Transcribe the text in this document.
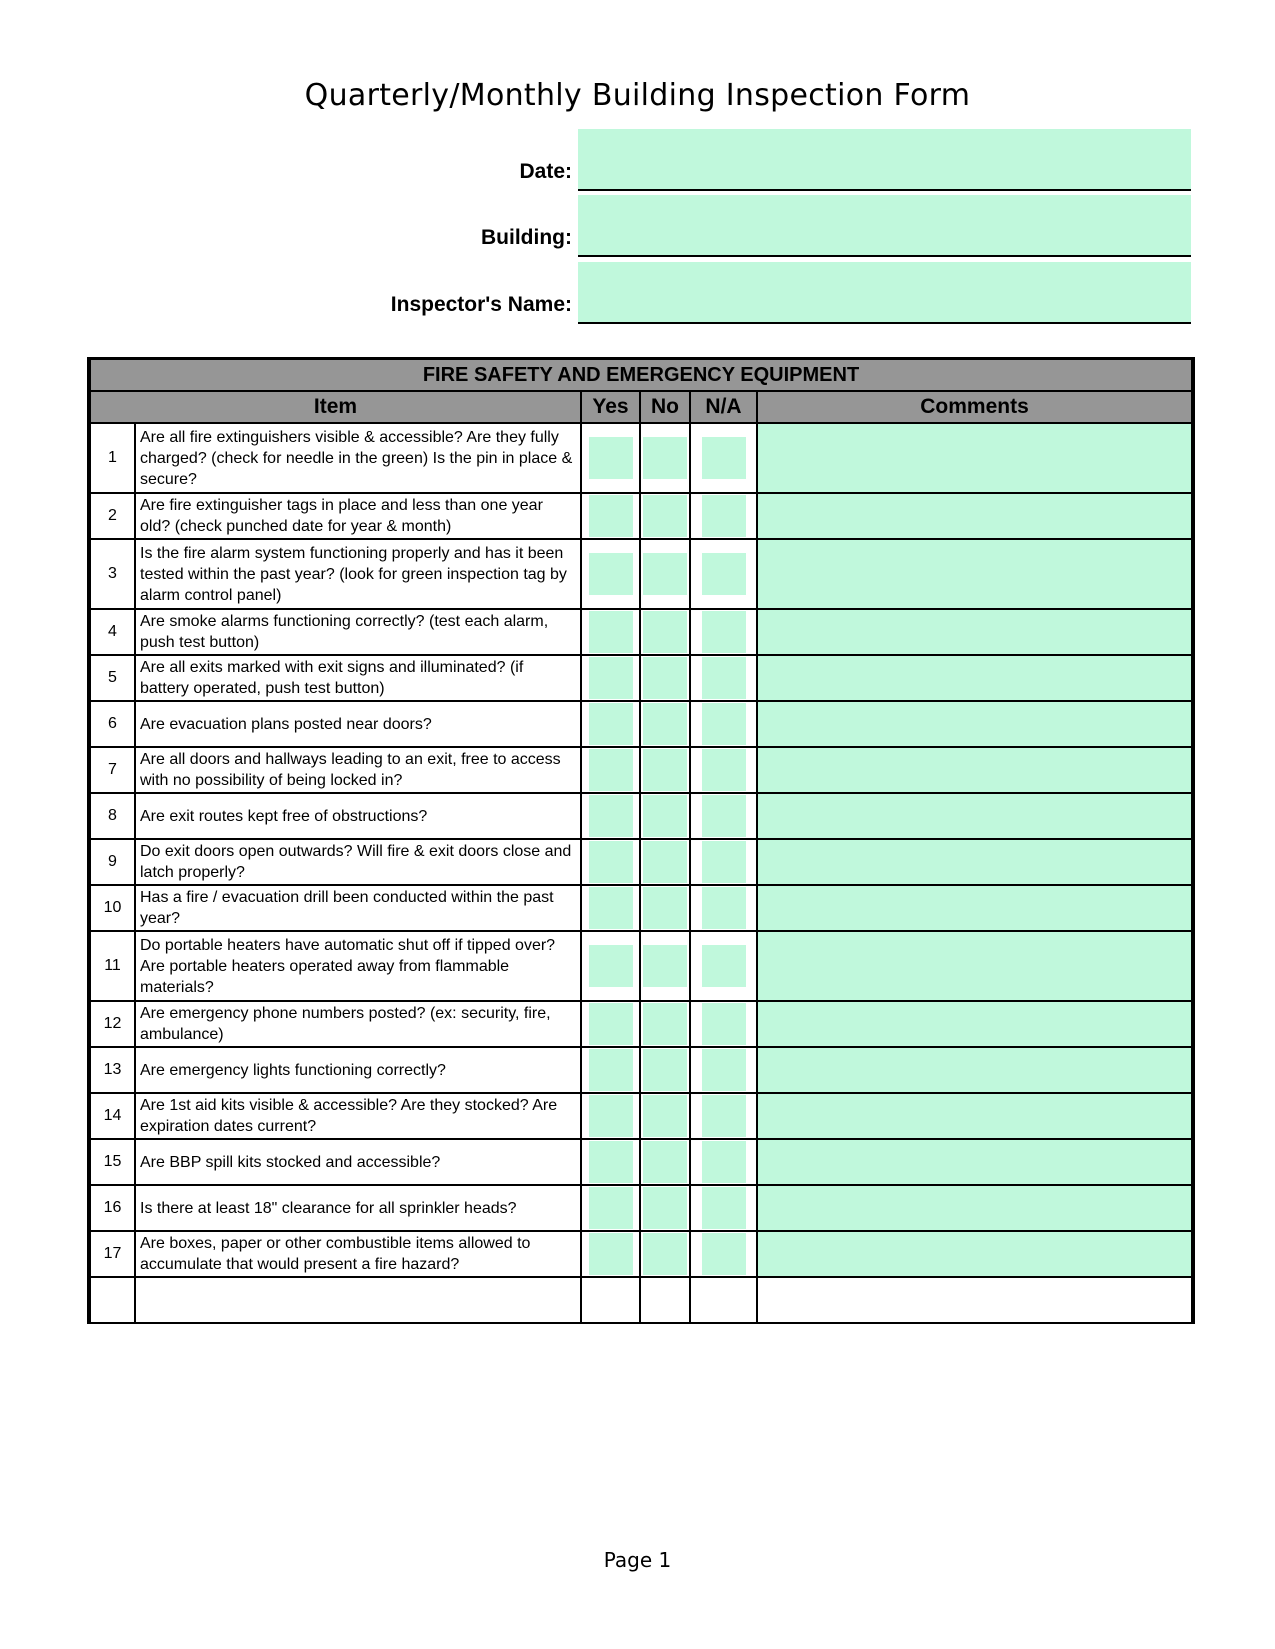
Quarterly/Monthly Building Inspection Form
Date:
Building:
Inspector's Name:
FIRE SAFETY AND EMERGENCY EQUIPMENT					
Item		Yes	No	N/A	Comments
1	Are all fire extinguishers visible & accessible? Are they fully charged? (check for needle in the green) Is the pin in place & secure?				
2	Are fire extinguisher tags in place and less than one year old? (check punched date for year & month)				
3	Is the fire alarm system functioning properly and has it been tested within the past year? (look for green inspection tag by alarm control panel)				
4	Are smoke alarms functioning correctly? (test each alarm, push test button)				
5	Are all exits marked with exit signs and illuminated? (if battery operated, push test button)				
6	Are evacuation plans posted near doors?				
7	Are all doors and hallways leading to an exit, free to access with no possibility of being locked in?				
8	Are exit routes kept free of obstructions?				
9	Do exit doors open outwards? Will fire & exit doors close and latch properly?				
10	Has a fire / evacuation drill been conducted within the past year?				
11	Do portable heaters have automatic shut off if tipped over? Are portable heaters operated away from flammable materials?				
12	Are emergency phone numbers posted? (ex: security, fire, ambulance)				
13	Are emergency lights functioning correctly?				
14	Are 1st aid kits visible & accessible? Are they stocked? Are expiration dates current?				
15	Are BBP spill kits stocked and accessible?				
16	Is there at least 18" clearance for all sprinkler heads?				
17	Are boxes, paper or other combustible items allowed to accumulate that would present a fire hazard?				

Page 1
